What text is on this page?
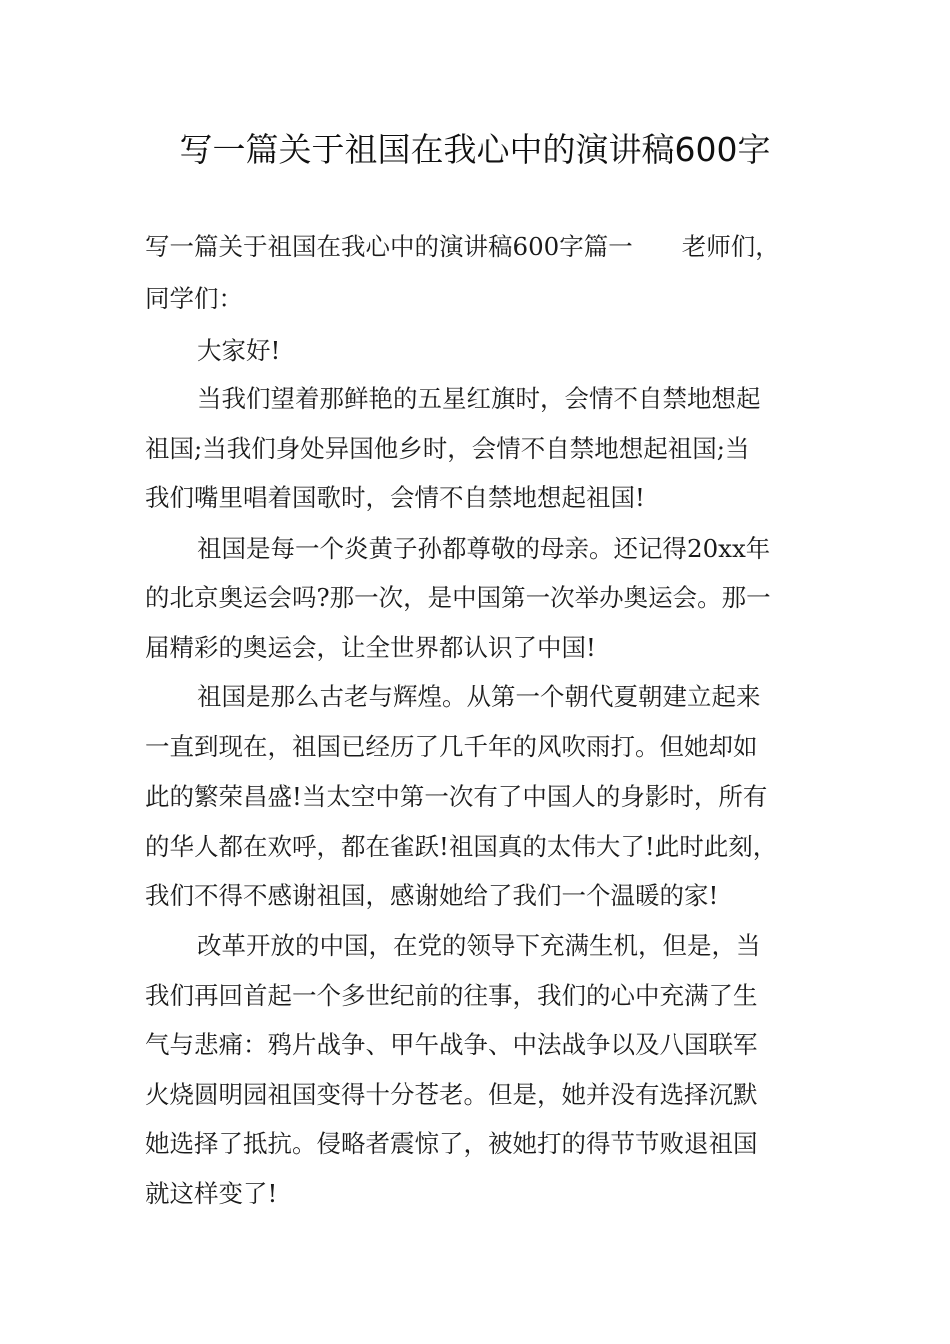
写一篇关于祖国在我心中的演讲稿600字
写一篇关于祖国在我心中的演讲稿600字篇一　　老师们，
同学们：
大家好!
当我们望着那鲜艳的五星红旗时，会情不自禁地想起
祖国;当我们身处异国他乡时，会情不自禁地想起祖国;当
我们嘴里唱着国歌时，会情不自禁地想起祖国!
祖国是每一个炎黄子孙都尊敬的母亲。还记得20xx年
的北京奥运会吗?那一次，是中国第一次举办奥运会。那一
届精彩的奥运会，让全世界都认识了中国!
祖国是那么古老与辉煌。从第一个朝代夏朝建立起来
一直到现在，祖国已经历了几千年的风吹雨打。但她却如
此的繁荣昌盛!当太空中第一次有了中国人的身影时，所有
的华人都在欢呼，都在雀跃!祖国真的太伟大了!此时此刻，
我们不得不感谢祖国，感谢她给了我们一个温暖的家!
改革开放的中国，在党的领导下充满生机，但是，当
我们再回首起一个多世纪前的往事，我们的心中充满了生
气与悲痛：鸦片战争、甲午战争、中法战争以及八国联军
火烧圆明园祖国变得十分苍老。但是，她并没有选择沉默
她选择了抵抗。侵略者震惊了，被她打的得节节败退祖国
就这样变了!
